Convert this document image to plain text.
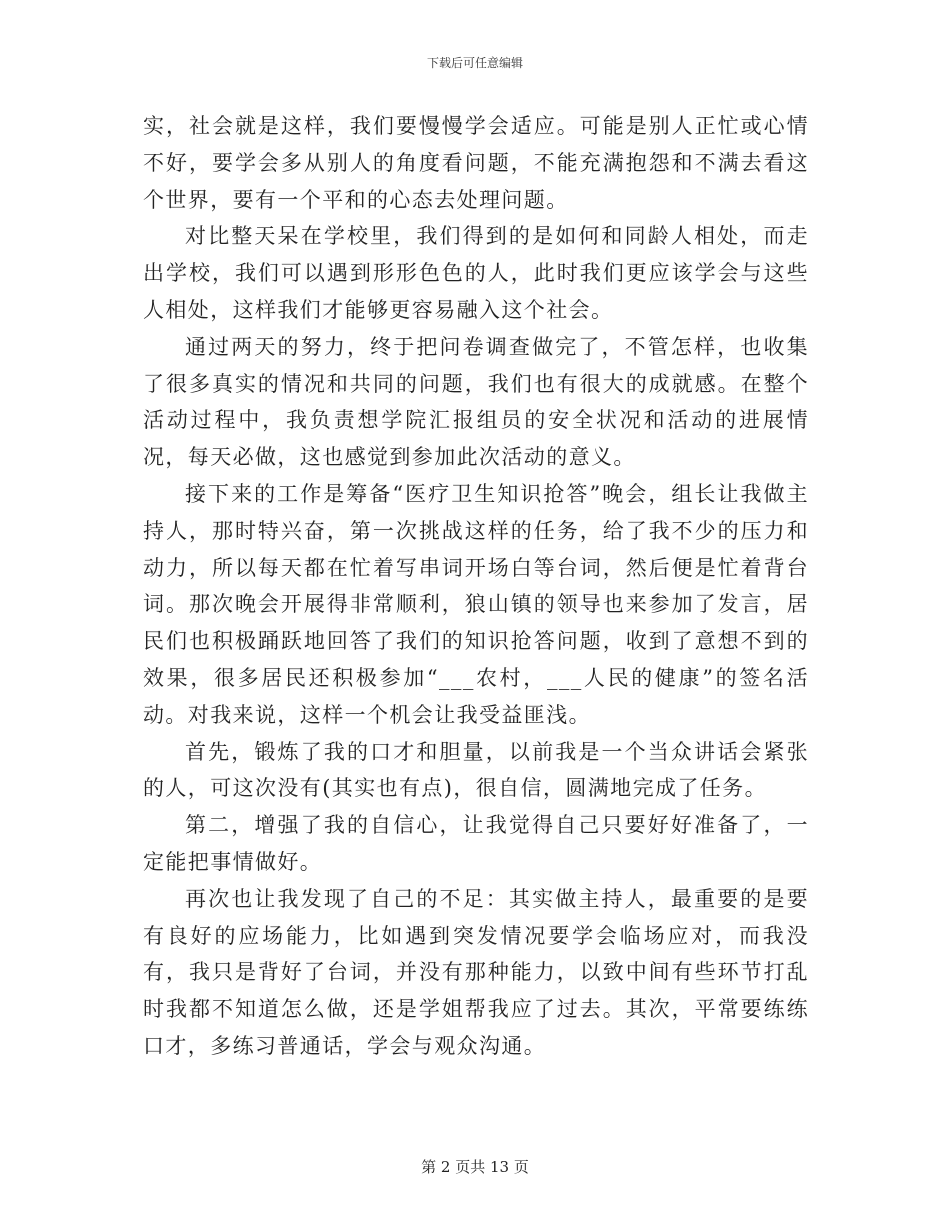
下载后可任意编辑

实，社会就是这样，我们要慢慢学会适应。可能是别人正忙或心情不好，要学会多从别人的角度看问题，不能充满抱怨和不满去看这个世界，要有一个平和的心态去处理问题。

对比整天呆在学校里，我们得到的是如何和同龄人相处，而走出学校，我们可以遇到形形色色的人，此时我们更应该学会与这些人相处，这样我们才能够更容易融入这个社会。

通过两天的努力，终于把问卷调查做完了，不管怎样，也收集了很多真实的情况和共同的问题，我们也有很大的成就感。在整个活动过程中，我负责想学院汇报组员的安全状况和活动的进展情况，每天必做，这也感觉到参加此次活动的意义。

接下来的工作是筹备“医疗卫生知识抢答”晚会，组长让我做主持人，那时特兴奋，第一次挑战这样的任务，给了我不少的压力和动力，所以每天都在忙着写串词开场白等台词，然后便是忙着背台词。那次晚会开展得非常顺利，狼山镇的领导也来参加了发言，居民们也积极踊跃地回答了我们的知识抢答问题，收到了意想不到的效果，很多居民还积极参加“___农村，___人民的健康”的签名活动。对我来说，这样一个机会让我受益匪浅。

首先，锻炼了我的口才和胆量，以前我是一个当众讲话会紧张的人，可这次没有(其实也有点)，很自信，圆满地完成了任务。

第二，增强了我的自信心，让我觉得自己只要好好准备了，一定能把事情做好。

再次也让我发现了自己的不足：其实做主持人，最重要的是要有良好的应场能力，比如遇到突发情况要学会临场应对，而我没有，我只是背好了台词，并没有那种能力，以致中间有些环节打乱时我都不知道怎么做，还是学姐帮我应了过去。其次，平常要练练口才，多练习普通话，学会与观众沟通。

第 2 页共 13 页
